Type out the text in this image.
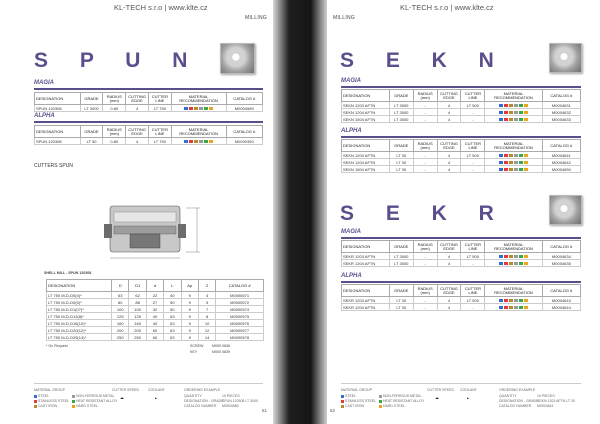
KL-TECH s.r.o | www.klte.cz
MILLING
S P U N
MAGIA
DESIGNATION	GRADE	RADIUS (mm)	CUTTING EDGE	CUTTER LINE	MATERIAL RECOMMENDATION	CATALOG #
SPUN 120308	LT 3000	0.80	4	LT 750		M0004589
ALPHA
DESIGNATION	GRADE	RADIUS (mm)	CUTTING EDGE	CUTTER LINE	MATERIAL RECOMMENDATION	CATALOG #
SPUN 120308	LT 30	0.80	4	LT 750		M0000350
CUTTERS SPUN
SHELL MILL - SPUN 120308
DESIGNATION	D	D1	d	L	Ap	Z	CATALOG #
LT 750 M-D-D0(4)*	63	62	22	40	9	4	M0000571
LT 750 M-D-D0(5)*	80	88	27	50	9	5	M0000572
LT 750 M-D-D1(07)*	100	100	32	50	9	7	M0000574
LT 750 M-D-D12(8)*	125	125	40	63	9	8	M0000575
LT 750 M-D-D16(10)*	160	160	40	63	9	10	M0000576
LT 750 M-D-D20(12)*	200	200	60	63	9	12	M0000577
LT 750 M-D-D25(14)*	250	250	60	63	9	14	M0000578
* On Request	SCREW M000 0836
KEY	M000 0839
MATERIAL GROUP
STEEL
STAINLESS STEEL
CAST IRON
NON-FERROUS METAL
HEAT RESISTANT ALLOY
HARD STEEL
CUTTER SPEED
◓
COOLANT
◔
ORDERING EXAMPLE
QUANTITY
DESIGNATION - GRADE
CATALOG NUMBER
10 PIECES
SPUN 120308 LT 3000
M0004589
61
MILLING
KL-TECH s.r.o | www.klte.cz
S E K N
MAGIA
DESIGNATION	GRADE	RADIUS (mm)	CUTTING EDGE	CUTTER LINE	MATERIAL RECOMMENDATION	CATALOG #
SEKN 1203 AFTN	LT 3000	-	4	LT 500		M0004631
SEKN 1204 AFTN	LT 3000	-	4	-		M0004632
SEKN 1504 AFTN	LT 3000	-	4	-		M0004633
ALPHA
DESIGNATION	GRADE	RADIUS (mm)	CUTTING EDGE	CUTTER LINE	MATERIAL RECOMMENDATION	CATALOG #
SEKN 1203 AFTN	LT 30	-	4	LT 500		M0004641
SEKN 1204 AFTN	LT 30	-	4	-		M0004642
SEKN 1504 AFTN	LT 30	-	4	-		M0004650
S E K R
MAGIA
DESIGNATION	GRADE	RADIUS (mm)	CUTTING EDGE	CUTTER LINE	MATERIAL RECOMMENDATION	CATALOG #
SEKR 1203 AFTN	LT 3000	-	4	LT 500		M0004634
SEKR 1204 AFTN	LT 3000	-	4	-		M0004635
ALPHA
DESIGNATION	GRADE	RADIUS (mm)	CUTTING EDGE	CUTTER LINE	MATERIAL RECOMMENDATION	CATALOG #
SEKR 1203 AFTN	LT 30	-	4	LT 500		M0004643
SEKR 1204 AFTN	LT 30	-	4	-		M0004644
MATERIAL GROUP
STEEL
STAINLESS STEEL
CAST IRON
NON-FERROUS METAL
HEAT RESISTANT ALLOY
HARD STEEL
CUTTER SPEED
◓
COOLANT
◔
ORDERING EXAMPLE
QUANTITY
DESIGNATION - GRADE
CATALOG NUMBER
10 PIECES
SEKN 1203 AFTN LT 30
M0004641
62
